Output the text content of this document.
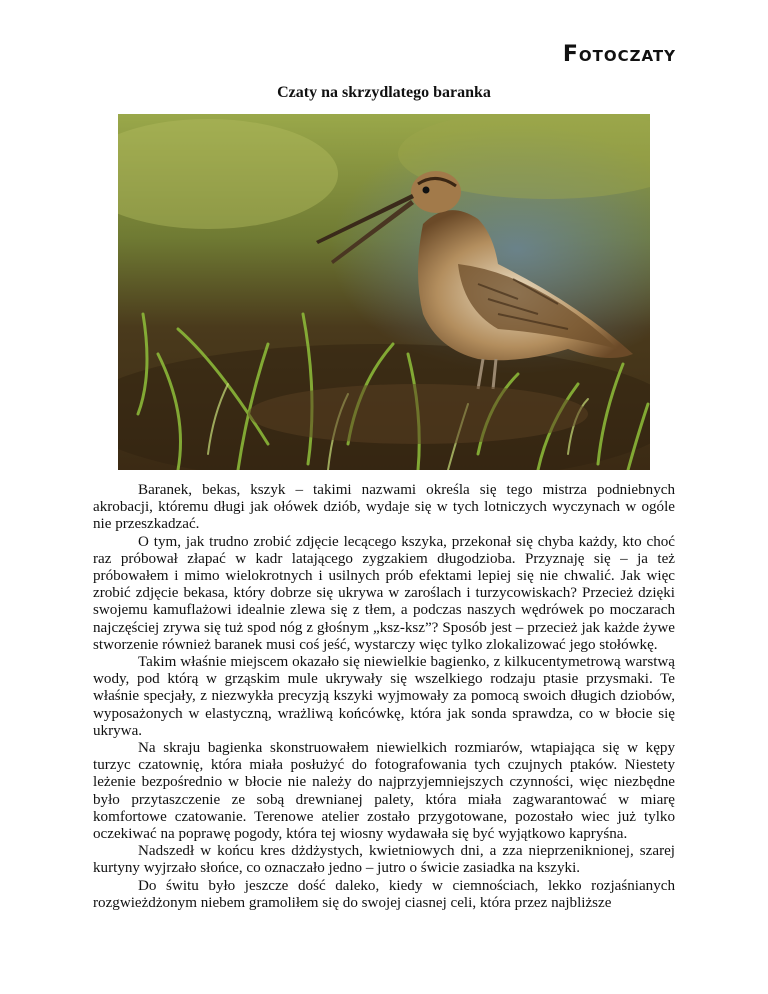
Fotoczaty
Czaty na skrzydlatego baranka

Baranek, bekas, kszyk – takimi nazwami określa się tego mistrza podniebnych akrobacji, któremu długi jak ołówek dziób, wydaje się w tych lotniczych wyczynach w ogóle nie przeszkadzać.

O tym, jak trudno zrobić zdjęcie lecącego kszyka, przekonał się chyba każdy, kto choć raz próbował złapać w kadr latającego zygzakiem długodzioba. Przyznaję się – ja też próbowałem i mimo wielokrotnych i usilnych prób efektami lepiej się nie chwalić. Jak więc zrobić zdjęcie bekasa, który dobrze się ukrywa w zaroślach i turzycowiskach? Przecież dzięki swojemu kamuflażowi idealnie zlewa się z tłem, a podczas naszych wędrówek po moczarach najczęściej zrywa się tuż spod nóg z głośnym „ksz-ksz”? Sposób jest – przecież jak każde żywe stworzenie również baranek musi coś jeść, wystarczy więc tylko zlokalizować jego stołówkę.

Takim właśnie miejscem okazało się niewielkie bagienko, z kilkucentymetrową warstwą wody, pod którą w grząskim mule ukrywały się wszelkiego rodzaju ptasie przysmaki. Te właśnie specjały, z niezwykła precyzją kszyki wyjmowały za pomocą swoich długich dziobów, wyposażonych w elastyczną, wrażliwą końcówkę, która jak sonda sprawdza, co w błocie się ukrywa.

Na skraju bagienka skonstruowałem niewielkich rozmiarów, wtapiająca się w kępy turzyc czatownię, która miała posłużyć do fotografowania tych czujnych ptaków. Niestety leżenie bezpośrednio w błocie nie należy do najprzyjemniejszych czynności, więc niezbędne było przytaszczenie ze sobą drewnianej palety, która miała zagwarantować w miarę komfortowe czatowanie. Terenowe atelier zostało przygotowane, pozostało wiec już tylko oczekiwać na poprawę pogody, która tej wiosny wydawała się być wyjątkowo kapryśna.

Nadszedł w końcu kres dżdżystych, kwietniowych dni, a zza nieprzeniknionej, szarej kurtyny wyjrzało słońce, co oznaczało jedno – jutro o świcie zasiadka na kszyki.

Do świtu było jeszcze dość daleko, kiedy w ciemnościach, lekko rozjaśnianych rozgwieżdżonym niebem gramoliłem się do swojej ciasnej celi, która przez najbliższe
